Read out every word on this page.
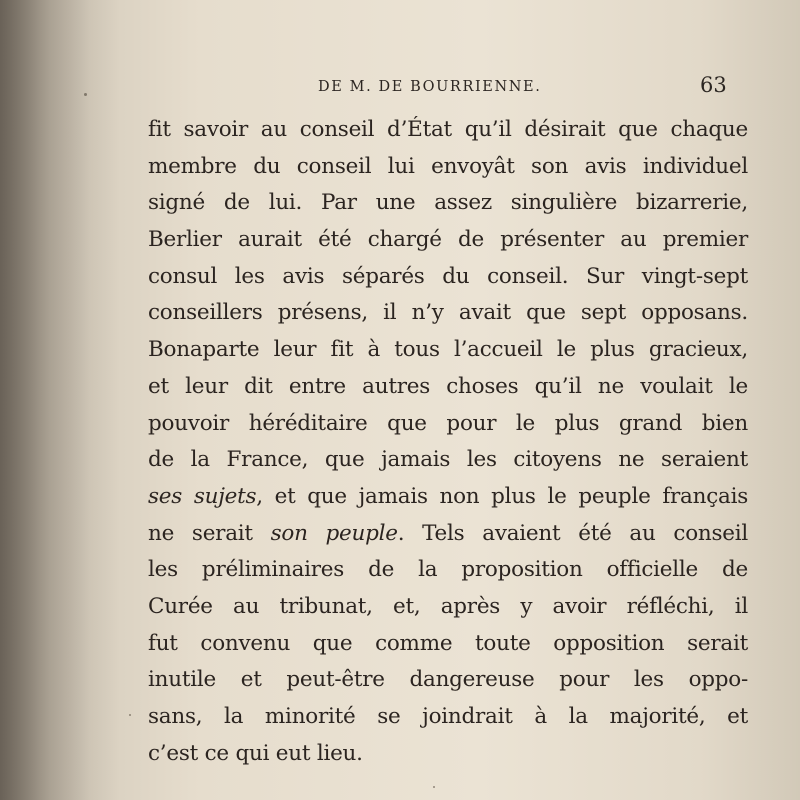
DE M. DE BOURRIENNE.	63
fit savoir au conseil d’État qu’il désirait que chaque
membre du conseil lui envoyât son avis individuel
signé de lui. Par une assez singulière bizarrerie,
Berlier aurait été chargé de présenter au premier
consul les avis séparés du conseil. Sur vingt-sept
conseillers présens, il n’y avait que sept opposans.
Bonaparte leur fit à tous l’accueil le plus gracieux,
et leur dit entre autres choses qu’il ne voulait le
pouvoir héréditaire que pour le plus grand bien
de la France, que jamais les citoyens ne seraient
ses sujets, et que jamais non plus le peuple français
ne serait son peuple. Tels avaient été au conseil
les préliminaires de la proposition officielle de
Curée au tribunat, et, après y avoir réfléchi, il
fut convenu que comme toute opposition serait
inutile et peut-être dangereuse pour les oppo-
sans, la minorité se joindrait à la majorité, et
c’est ce qui eut lieu.
